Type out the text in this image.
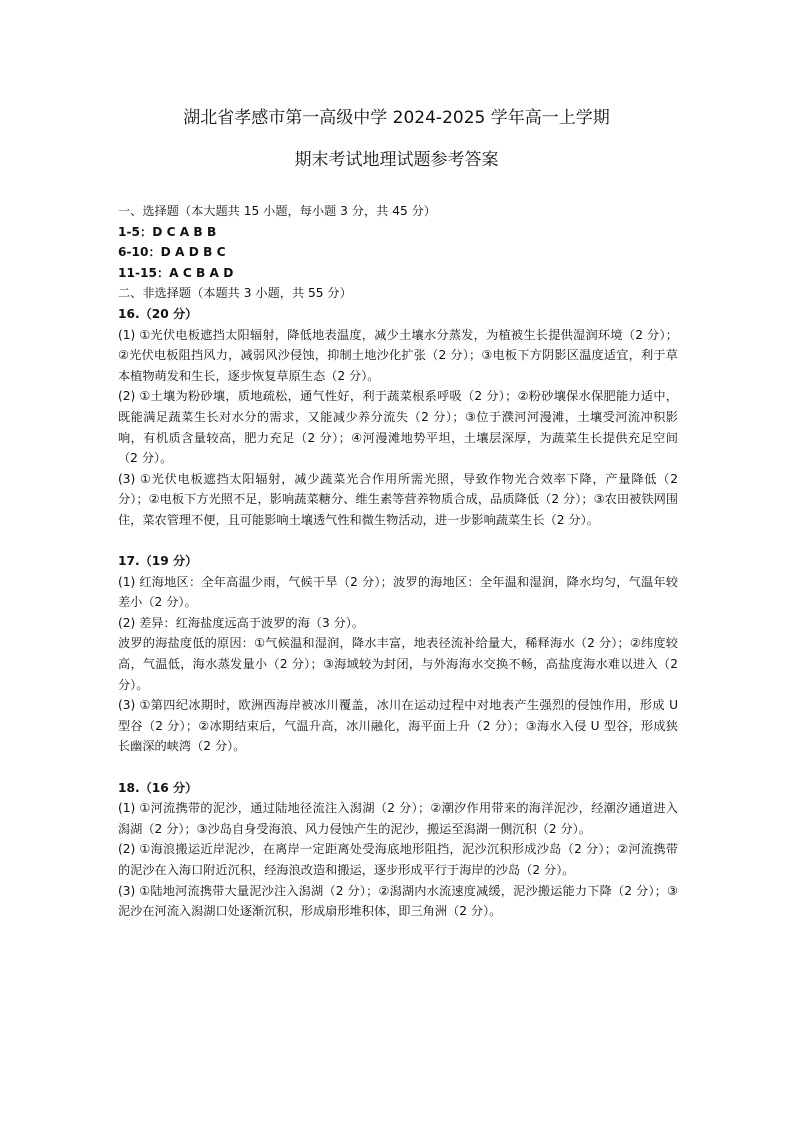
湖北省孝感市第一高级中学 2024-2025 学年高一上学期
期末考试地理试题参考答案
一、选择题（本大题共 15 小题，每小题 3 分，共 45 分）
1-5：D C A B B
6-10：D A D B C
11-15：A C B A D
二、非选择题（本题共 3 小题，共 55 分）
16.（20 分）

(1) ①光伏电板遮挡太阳辐射，降低地表温度，减少土壤水分蒸发，为植被生长提供湿润环境（2 分）；②光伏电板阻挡风力，减弱风沙侵蚀，抑制土地沙化扩张（2 分）；③电板下方阴影区温度适宜，利于草本植物萌发和生长，逐步恢复草原生态（2 分）。

(2) ①土壤为粉砂壤，质地疏松，通气性好，利于蔬菜根系呼吸（2 分）；②粉砂壤保水保肥能力适中，既能满足蔬菜生长对水分的需求，又能减少养分流失（2 分）；③位于濮河河漫滩，土壤受河流冲积影响，有机质含量较高，肥力充足（2 分）；④河漫滩地势平坦，土壤层深厚，为蔬菜生长提供充足空间（2 分）。

(3) ①光伏电板遮挡太阳辐射，减少蔬菜光合作用所需光照，导致作物光合效率下降，产量降低（2 分）；②电板下方光照不足，影响蔬菜糖分、维生素等营养物质合成，品质降低（2 分）；③农田被铁网围住，菜农管理不便，且可能影响土壤透气性和微生物活动，进一步影响蔬菜生长（2 分）。

17.（19 分）

(1) 红海地区：全年高温少雨，气候干旱（2 分）；波罗的海地区：全年温和湿润，降水均匀，气温年较差小（2 分）。

(2) 差异：红海盐度远高于波罗的海（3 分）。

波罗的海盐度低的原因：①气候温和湿润，降水丰富，地表径流补给量大，稀释海水（2 分）；②纬度较高，气温低，海水蒸发量小（2 分）；③海域较为封闭，与外海海水交换不畅，高盐度海水难以进入（2 分）。

(3) ①第四纪冰期时，欧洲西海岸被冰川覆盖，冰川在运动过程中对地表产生强烈的侵蚀作用，形成 U 型谷（2 分）；②冰期结束后，气温升高，冰川融化，海平面上升（2 分）；③海水入侵 U 型谷，形成狭长幽深的峡湾（2 分）。

18.（16 分）

(1) ①河流携带的泥沙，通过陆地径流注入潟湖（2 分）；②潮汐作用带来的海洋泥沙，经潮汐通道进入潟湖（2 分）；③沙岛自身受海浪、风力侵蚀产生的泥沙，搬运至潟湖一侧沉积（2 分）。

(2) ①海浪搬运近岸泥沙，在离岸一定距离处受海底地形阻挡，泥沙沉积形成沙岛（2 分）；②河流携带的泥沙在入海口附近沉积，经海浪改造和搬运，逐步形成平行于海岸的沙岛（2 分）。

(3) ①陆地河流携带大量泥沙注入潟湖（2 分）；②潟湖内水流速度减缓，泥沙搬运能力下降（2 分）；③泥沙在河流入潟湖口处逐渐沉积，形成扇形堆积体，即三角洲（2 分）。
